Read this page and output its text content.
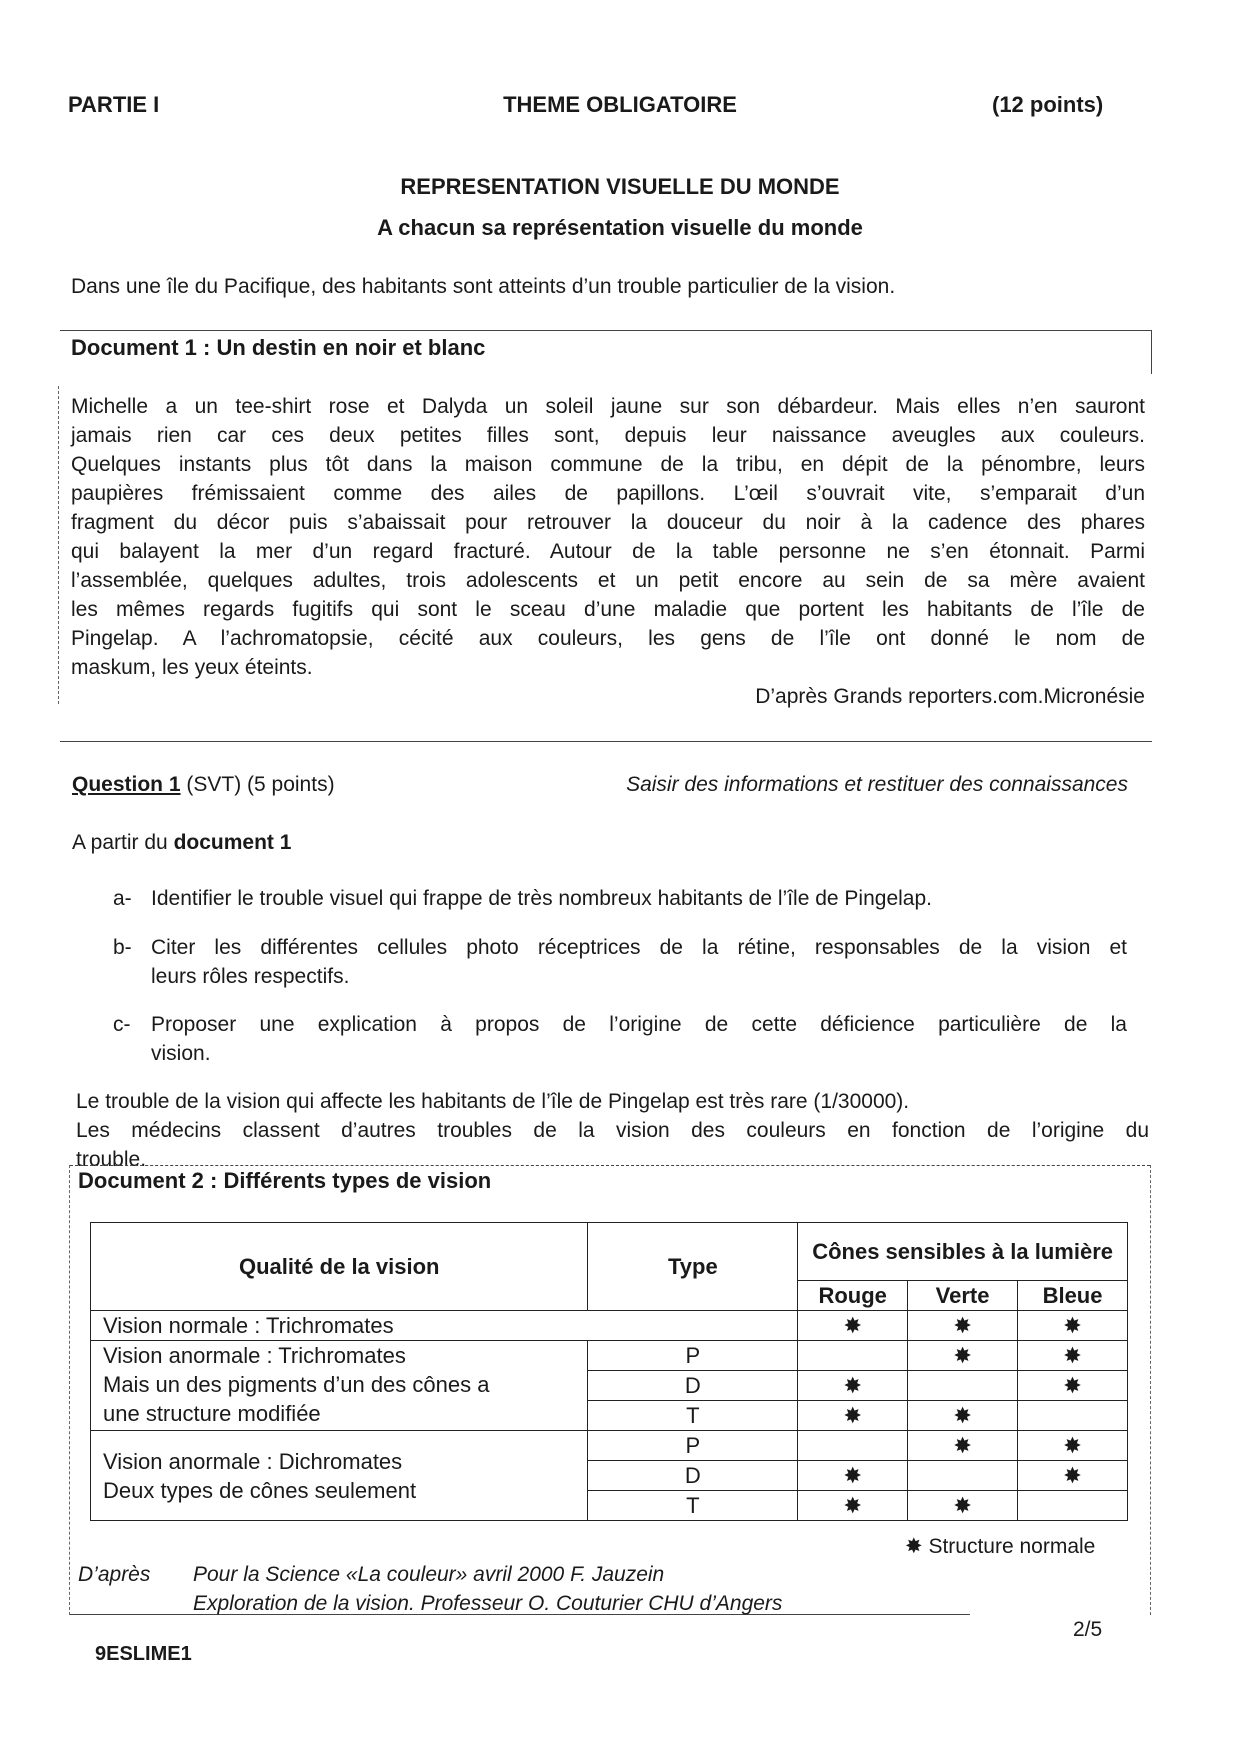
PARTIE I	THEME OBLIGATOIRE	(12 points)
REPRESENTATION VISUELLE DU MONDE
A chacun sa représentation visuelle du monde
Dans une île du Pacifique, des habitants sont atteints d’un trouble particulier de la vision.
Document 1 : Un destin en noir et blanc
Michelle a un tee-shirt rose et Dalyda un soleil jaune sur son débardeur. Mais elles n’en sauront
jamais rien car ces deux petites filles sont, depuis leur naissance aveugles aux couleurs.
Quelques instants plus tôt dans la maison commune de la tribu, en dépit de la pénombre, leurs
paupières frémissaient comme des ailes de papillons. L’œil s’ouvrait vite, s’emparait d’un
fragment du décor puis s’abaissait pour retrouver la douceur du noir à la cadence des phares
qui balayent la mer d’un regard fracturé. Autour de la table personne ne s’en étonnait. Parmi
l’assemblée, quelques adultes, trois adolescents et un petit encore au sein de sa mère avaient
les mêmes regards fugitifs qui sont le sceau d’une maladie que portent les habitants de l’île de
Pingelap. A l’achromatopsie, cécité aux couleurs, les gens de l’île ont donné le nom de
maskum, les yeux éteints.
D’après Grands reporters.com.Micronésie
Question 1 (SVT) (5 points)	Saisir des informations et restituer des connaissances
A partir du document 1
a- Identifier le trouble visuel qui frappe de très nombreux habitants de l’île de Pingelap.
b- Citer les différentes cellules photo réceptrices de la rétine, responsables de la vision et
leurs rôles respectifs.
c- Proposer une explication à propos de l’origine de cette déficience particulière de la
vision.
Le trouble de la vision qui affecte les habitants de l’île de Pingelap est très rare (1/30000).
Les médecins classent d’autres troubles de la vision des couleurs en fonction de l’origine du
trouble.
Document 2 : Différents types de vision
Qualité de la vision	Type	Cônes sensibles à la lumière		
		Rouge	Verte	Bleue
Vision normale : Trichromates		✸	✸	✸

Vision anormale : Trichromates
Mais un des pigments d’un des cônes a
une structure modifiée	P		✸	✸
	D	✸		✸
	T	✸	✸	

Vision anormale : Dichromates
Deux types de cônes seulement	P		✸	✸
	D	✸		✸
	T	✸	✸	
✸ Structure normale
D’après Pour la Science «La couleur» avril 2000 F. Jauzein
Exploration de la vision. Professeur O. Couturier CHU d’Angers
2/5
9ESLIME1
